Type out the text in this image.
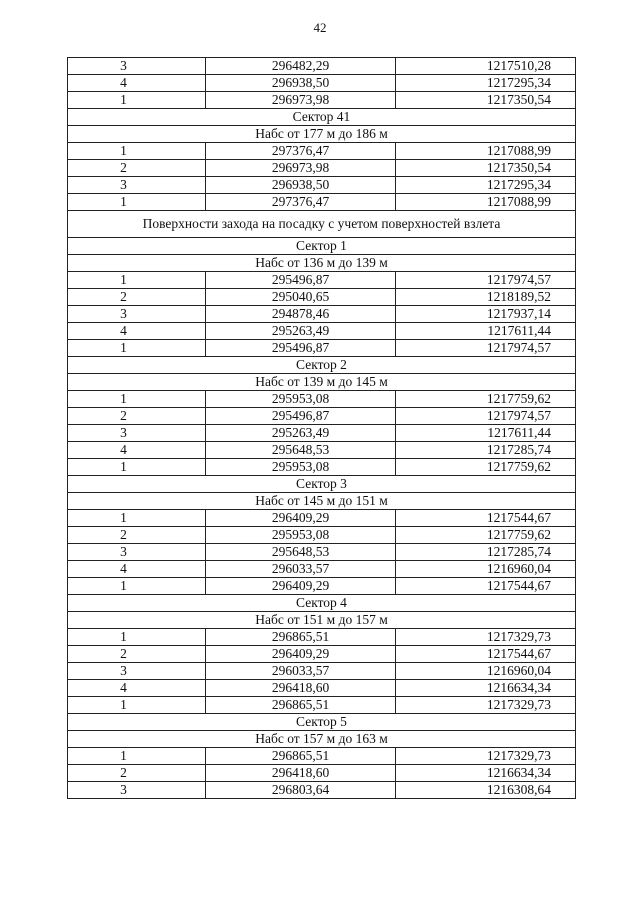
42
3	296482,29	1217510,28
4	296938,50	1217295,34
1	296973,98	1217350,54
Сектор 41		
Набс от 177 м до 186 м		
1	297376,47	1217088,99
2	296973,98	1217350,54
3	296938,50	1217295,34
1	297376,47	1217088,99
Поверхности захода на посадку с учетом поверхностей взлета		
Сектор 1		
Набс от 136 м до 139 м		
1	295496,87	1217974,57
2	295040,65	1218189,52
3	294878,46	1217937,14
4	295263,49	1217611,44
1	295496,87	1217974,57
Сектор 2		
Набс от 139 м до 145 м		
1	295953,08	1217759,62
2	295496,87	1217974,57
3	295263,49	1217611,44
4	295648,53	1217285,74
1	295953,08	1217759,62
Сектор 3		
Набс от 145 м до 151 м		
1	296409,29	1217544,67
2	295953,08	1217759,62
3	295648,53	1217285,74
4	296033,57	1216960,04
1	296409,29	1217544,67
Сектор 4		
Набс от 151 м до 157 м		
1	296865,51	1217329,73
2	296409,29	1217544,67
3	296033,57	1216960,04
4	296418,60	1216634,34
1	296865,51	1217329,73
Сектор 5		
Набс от 157 м до 163 м		
1	296865,51	1217329,73
2	296418,60	1216634,34
3	296803,64	1216308,64
